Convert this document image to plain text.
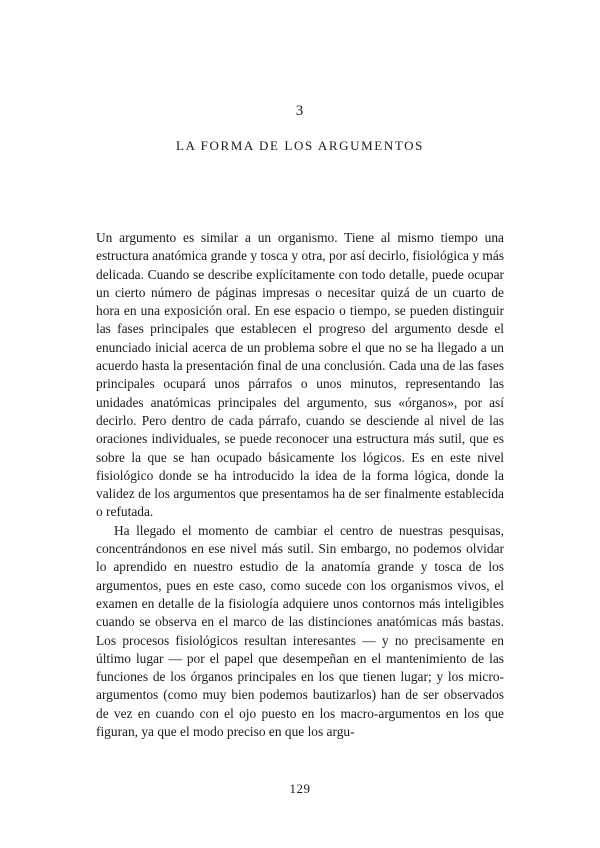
3
LA FORMA DE LOS ARGUMENTOS

Un argumento es similar a un organismo. Tiene al mismo tiempo una estructura anatómica grande y tosca y otra, por así decirlo, fisiológica y más delicada. Cuando se describe explícitamente con todo detalle, puede ocupar un cierto número de páginas impresas o necesitar quizá de un cuarto de hora en una exposición oral. En ese espacio o tiempo, se pueden distinguir las fases principales que establecen el progreso del argumento desde el enunciado inicial acerca de un problema sobre el que no se ha llegado a un acuerdo hasta la presentación final de una conclusión. Cada una de las fases principales ocupará unos párrafos o unos minutos, representando las unidades anatómicas principales del argumento, sus «órganos», por así decirlo. Pero dentro de cada párrafo, cuando se desciende al nivel de las oraciones individuales, se puede reconocer una estructura más sutil, que es sobre la que se han ocupado básicamente los lógicos. Es en este nivel fisiológico donde se ha introducido la idea de la forma lógica, donde la validez de los argumentos que presentamos ha de ser finalmente establecida o refutada.

Ha llegado el momento de cambiar el centro de nuestras pesquisas, concentrándonos en ese nivel más sutil. Sin embargo, no podemos olvidar lo aprendido en nuestro estudio de la anatomía grande y tosca de los argumentos, pues en este caso, como sucede con los organismos vivos, el examen en detalle de la fisiología adquiere unos contornos más inteligibles cuando se observa en el marco de las distinciones anatómicas más bastas. Los procesos fisiológicos resultan interesantes — y no precisamente en último lugar — por el papel que desempeñan en el mantenimiento de las funciones de los órganos principales en los que tienen lugar; y los micro-argumentos (como muy bien podemos bautizarlos) han de ser observados de vez en cuando con el ojo puesto en los macro-argumentos en los que figuran, ya que el modo preciso en que los argu-

129
